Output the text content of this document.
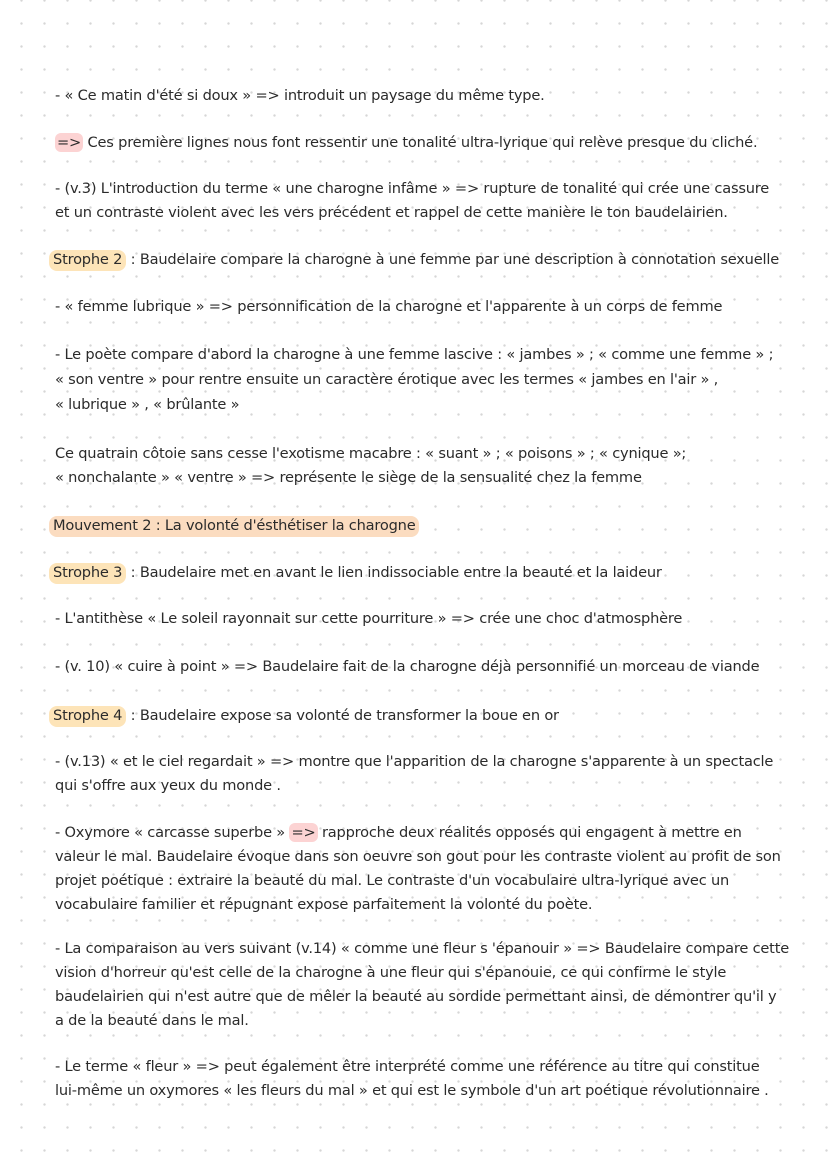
- « Ce matin d'été si doux » => introduit un paysage du même type.
=> Ces première lignes nous font ressentir une tonalité ultra-lyrique qui relève presque du cliché.
- (v.3) L'introduction du terme « une charogne infâme » => rupture de tonalité qui crée une cassure
et un contraste violent avec les vers précédent et rappel de cette manière le ton baudelairien.
Strophe 2 : Baudelaire compare la charogne à une femme par une description à connotation sexuelle
- « femme lubrique » => personnification de la charogne et l'apparente à un corps de femme
- Le poète compare d'abord la charogne à une femme lascive : « jambes » ; « comme une femme » ;
« son ventre » pour rentre ensuite un caractère érotique avec les termes « jambes en l'air » ,
« lubrique » , « brûlante »
Ce quatrain côtoie sans cesse l'exotisme macabre : « suant » ; « poisons » ; « cynique »;
« nonchalante » « ventre » => représente le siège de la sensualité chez la femme
Mouvement 2 : La volonté d'ésthétiser la charogne
Strophe 3 : Baudelaire met en avant le lien indissociable entre la beauté et la laideur
- L'antithèse « Le soleil rayonnait sur cette pourriture » => crée une choc d'atmosphère
- (v. 10) « cuire à point » => Baudelaire fait de la charogne déjà personnifié un morceau de viande
Strophe 4 : Baudelaire expose sa volonté de transformer la boue en or
- (v.13) « et le ciel regardait » => montre que l'apparition de la charogne s'apparente à un spectacle
qui s'offre aux yeux du monde .
- Oxymore « carcasse superbe » => rapproche deux réalités opposés qui engagent à mettre en
valeur le mal. Baudelaire évoque dans son oeuvre son gout pour les contraste violent au profit de son
projet poétique : extraire la beauté du mal. Le contraste d'un vocabulaire ultra-lyrique avec un
vocabulaire familier et répugnant expose parfaitement la volonté du poète.
- La comparaison au vers suivant (v.14) « comme une fleur s 'épanouir » => Baudelaire compare cette
vision d'horreur qu'est celle de la charogne à une fleur qui s'épanouie, ce qui confirme le style
baudelairien qui n'est autre que de mêler la beauté au sordide permettant ainsi, de démontrer qu'il y
a de la beauté dans le mal.
- Le terme « fleur » => peut également être interprété comme une référence au titre qui constitue
lui-même un oxymores « les fleurs du mal » et qui est le symbole d'un art poétique révolutionnaire .
